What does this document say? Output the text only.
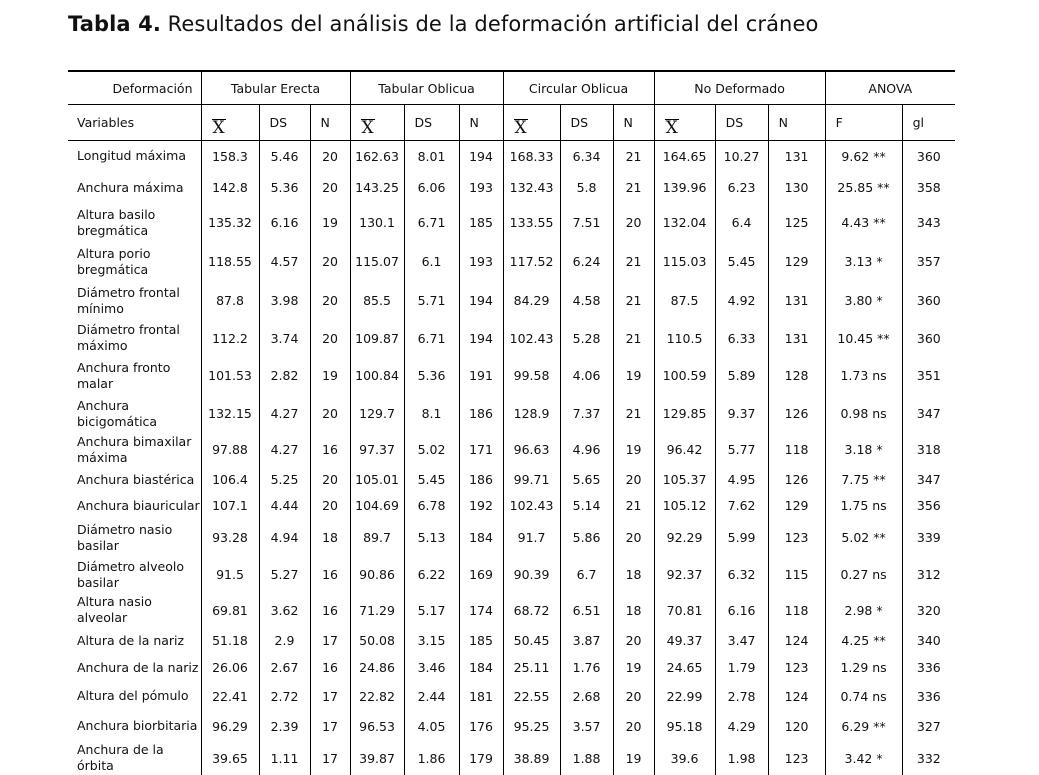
Tabla 4. Resultados del análisis de la deformación artificial del cráneo
Deformación	Tabular Erecta			Tabular Oblicua			Circular Oblicua			No Deformado			ANOVA	
Variables	X	DS	N	X	DS	N	X	DS	N	X	DS	N	F	gl
Longitud máxima	158.3	5.46	20	162.63	8.01	194	168.33	6.34	21	164.65	10.27	131	9.62 **	360
Anchura máxima	142.8	5.36	20	143.25	6.06	193	132.43	5.8	21	139.96	6.23	130	25.85 **	358
Altura basilo bregmática	135.32	6.16	19	130.1	6.71	185	133.55	7.51	20	132.04	6.4	125	4.43 **	343
Altura porio bregmática	118.55	4.57	20	115.07	6.1	193	117.52	6.24	21	115.03	5.45	129	3.13 *	357
Diámetro frontal mínimo	87.8	3.98	20	85.5	5.71	194	84.29	4.58	21	87.5	4.92	131	3.80 *	360
Diámetro frontal máximo	112.2	3.74	20	109.87	6.71	194	102.43	5.28	21	110.5	6.33	131	10.45 **	360
Anchura fronto malar	101.53	2.82	19	100.84	5.36	191	99.58	4.06	19	100.59	5.89	128	1.73 ns	351
Anchura bicigomática	132.15	4.27	20	129.7	8.1	186	128.9	7.37	21	129.85	9.37	126	0.98 ns	347
Anchura bimaxilar máxima	97.88	4.27	16	97.37	5.02	171	96.63	4.96	19	96.42	5.77	118	3.18 *	318
Anchura biastérica	106.4	5.25	20	105.01	5.45	186	99.71	5.65	20	105.37	4.95	126	7.75 **	347
Anchura biauricular	107.1	4.44	20	104.69	6.78	192	102.43	5.14	21	105.12	7.62	129	1.75 ns	356
Diámetro nasio basilar	93.28	4.94	18	89.7	5.13	184	91.7	5.86	20	92.29	5.99	123	5.02 **	339
Diámetro alveolo basilar	91.5	5.27	16	90.86	6.22	169	90.39	6.7	18	92.37	6.32	115	0.27 ns	312
Altura nasio alveolar	69.81	3.62	16	71.29	5.17	174	68.72	6.51	18	70.81	6.16	118	2.98 *	320
Altura de la nariz	51.18	2.9	17	50.08	3.15	185	50.45	3.87	20	49.37	3.47	124	4.25 **	340
Anchura de la nariz	26.06	2.67	16	24.86	3.46	184	25.11	1.76	19	24.65	1.79	123	1.29 ns	336
Altura del pómulo	22.41	2.72	17	22.82	2.44	181	22.55	2.68	20	22.99	2.78	124	0.74 ns	336
Anchura biorbitaria	96.29	2.39	17	96.53	4.05	176	95.25	3.57	20	95.18	4.29	120	6.29 **	327
Anchura de la órbita	39.65	1.11	17	39.87	1.86	179	38.89	1.88	19	39.6	1.98	123	3.42 *	332
